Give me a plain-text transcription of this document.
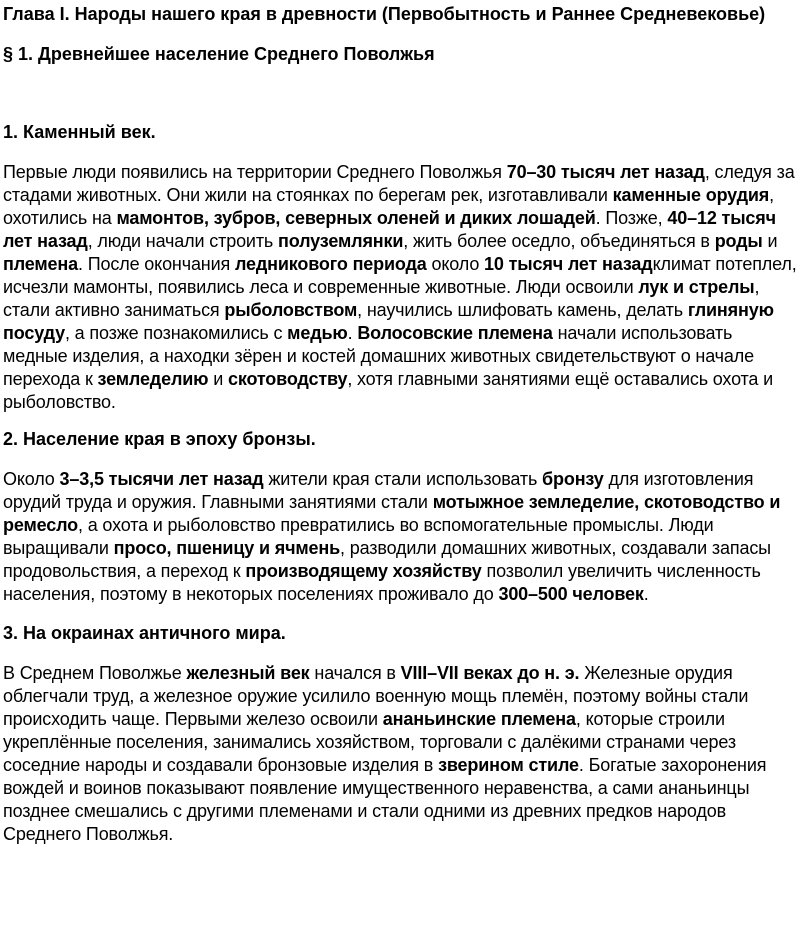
Глава I. Народы нашего края в древности (Первобытность и Раннее Средневековье)
§ 1. Древнейшее население Среднего Поволжья
1. Каменный век.

Первые люди появились на территории Среднего Поволжья 70–30 тысяч лет назад, следуя за стадами животных. Они жили на стоянках по берегам рек, изготавливали каменные орудия, охотились на мамонтов, зубров, северных оленей и диких лошадей. Позже, 40–12 тысяч лет назад, люди начали строить полуземлянки, жить более оседло, объединяться в роды и племена. После окончания ледникового периода около 10 тысяч лет назадклимат потеплел, исчезли мамонты, появились леса и современные животные. Люди освоили лук и стрелы, стали активно заниматься рыболовством, научились шлифовать камень, делать глиняную посуду, а позже познакомились с медью. Волосовские племена начали использовать медные изделия, а находки зёрен и костей домашних животных свидетельствуют о начале перехода к земледелию и скотоводству, хотя главными занятиями ещё оставались охота и рыболовство.

2. Население края в эпоху бронзы.

Около 3–3,5 тысячи лет назад жители края стали использовать бронзу для изготовления орудий труда и оружия. Главными занятиями стали мотыжное земледелие, скотоводство и ремесло, а охота и рыболовство превратились во вспомогательные промыслы. Люди выращивали просо, пшеницу и ячмень, разводили домашних животных, создавали запасы продовольствия, а переход к производящему хозяйству позволил увеличить численность населения, поэтому в некоторых поселениях проживало до 300–500 человек.

3. На окраинах античного мира.

В Среднем Поволжье железный век начался в VIII–VII веках до н. э. Железные орудия облегчали труд, а железное оружие усилило военную мощь племён, поэтому войны стали происходить чаще. Первыми железо освоили ананьинские племена, которые строили укреплённые поселения, занимались хозяйством, торговали с далёкими странами через соседние народы и создавали бронзовые изделия в зверином стиле. Богатые захоронения вождей и воинов показывают появление имущественного неравенства, а сами ананьинцы позднее смешались с другими племенами и стали одними из древних предков народов Среднего Поволжья.
